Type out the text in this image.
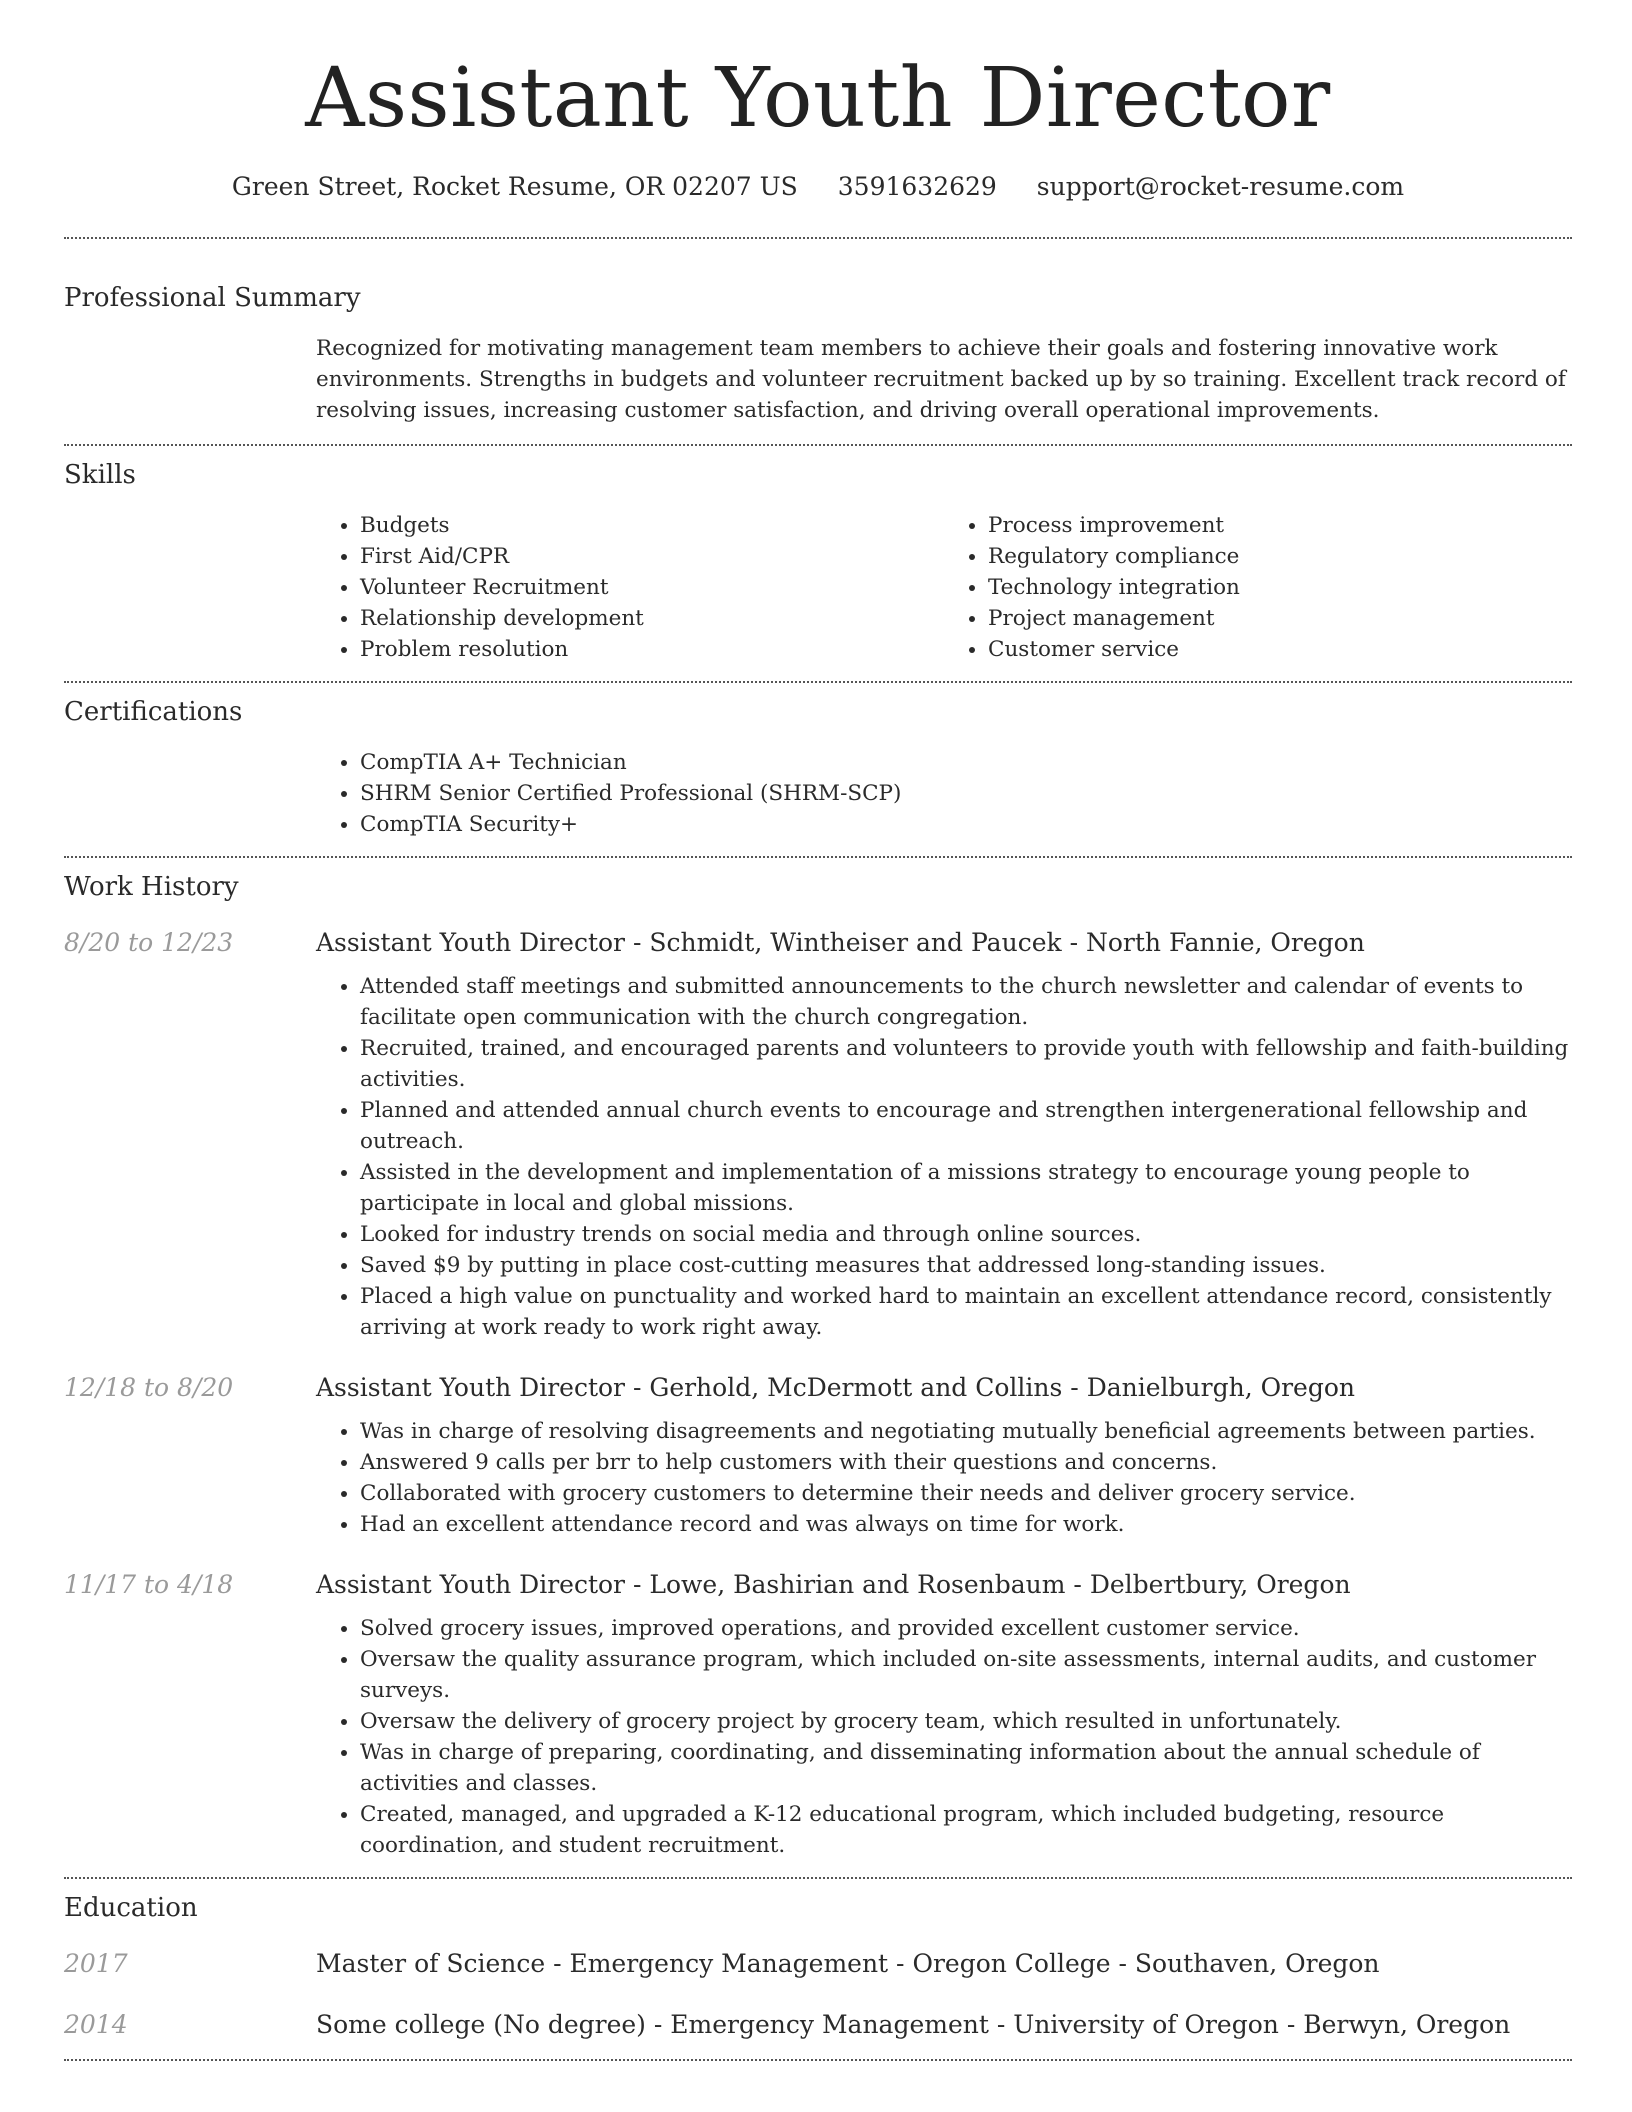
Assistant Youth Director
Green Street, Rocket Resume, OR 02207 US 3591632629 support@rocket-resume.com
Professional Summary
Recognized for motivating management team members to achieve their goals and fostering innovative work environments. Strengths in budgets and volunteer recruitment backed up by so training. Excellent track record of resolving issues, increasing customer satisfaction, and driving overall operational improvements.
Skills
• Budgets
• First Aid/CPR
• Volunteer Recruitment
• Relationship development
• Problem resolution
• Process improvement
• Regulatory compliance
• Technology integration
• Project management
• Customer service
Certifications
• CompTIA A+ Technician
• SHRM Senior Certified Professional (SHRM-SCP)
• CompTIA Security+
Work History
8/20 to 12/23	Assistant Youth Director - Schmidt, Wintheiser and Paucek - North Fannie, Oregon
• Attended staff meetings and submitted announcements to the church newsletter and calendar of events to facilitate open communication with the church congregation.
• Recruited, trained, and encouraged parents and volunteers to provide youth with fellowship and faith-building activities.
• Planned and attended annual church events to encourage and strengthen intergenerational fellowship and outreach.
• Assisted in the development and implementation of a missions strategy to encourage young people to participate in local and global missions.
• Looked for industry trends on social media and through online sources.
• Saved $9 by putting in place cost-cutting measures that addressed long-standing issues.
• Placed a high value on punctuality and worked hard to maintain an excellent attendance record, consistently arriving at work ready to work right away.
12/18 to 8/20	Assistant Youth Director - Gerhold, McDermott and Collins - Danielburgh, Oregon
• Was in charge of resolving disagreements and negotiating mutually beneficial agreements between parties.
• Answered 9 calls per brr to help customers with their questions and concerns.
• Collaborated with grocery customers to determine their needs and deliver grocery service.
• Had an excellent attendance record and was always on time for work.
11/17 to 4/18	Assistant Youth Director - Lowe, Bashirian and Rosenbaum - Delbertbury, Oregon
• Solved grocery issues, improved operations, and provided excellent customer service.
• Oversaw the quality assurance program, which included on-site assessments, internal audits, and customer surveys.
• Oversaw the delivery of grocery project by grocery team, which resulted in unfortunately.
• Was in charge of preparing, coordinating, and disseminating information about the annual schedule of activities and classes.
• Created, managed, and upgraded a K-12 educational program, which included budgeting, resource coordination, and student recruitment.
Education
2017	Master of Science - Emergency Management - Oregon College - Southaven, Oregon
2014	Some college (No degree) - Emergency Management - University of Oregon - Berwyn, Oregon
